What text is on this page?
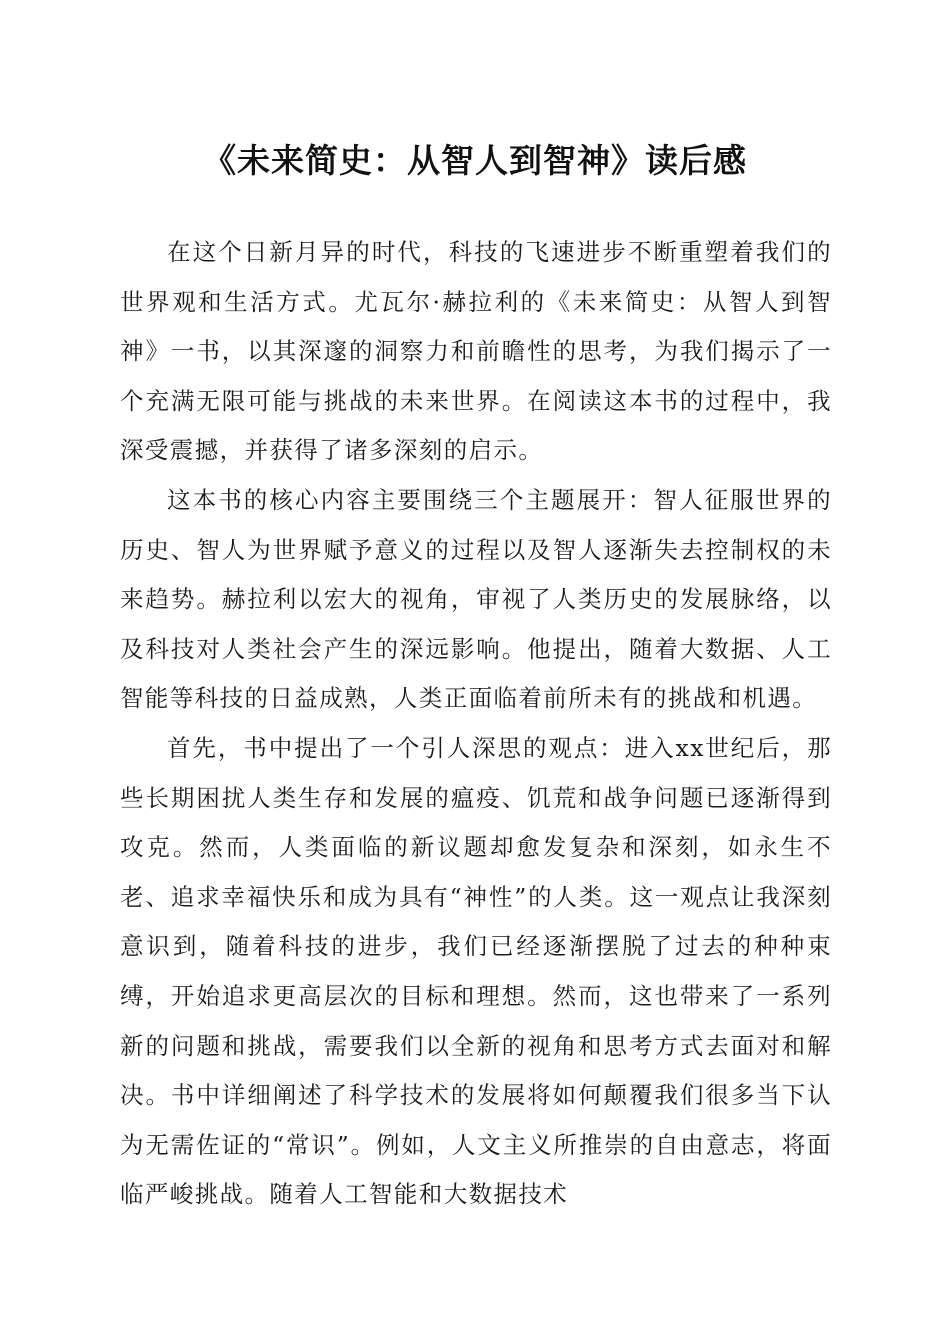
《未来简史：从智人到智神》读后感

在这个日新月异的时代，科技的飞速进步不断重塑着我们的世界观和生活方式。尤瓦尔·赫拉利的《未来简史：从智人到智神》一书，以其深邃的洞察力和前瞻性的思考，为我们揭示了一个充满无限可能与挑战的未来世界。在阅读这本书的过程中，我深受震撼，并获得了诸多深刻的启示。

这本书的核心内容主要围绕三个主题展开：智人征服世界的历史、智人为世界赋予意义的过程以及智人逐渐失去控制权的未来趋势。赫拉利以宏大的视角，审视了人类历史的发展脉络，以及科技对人类社会产生的深远影响。他提出，随着大数据、人工智能等科技的日益成熟，人类正面临着前所未有的挑战和机遇。

首先，书中提出了一个引人深思的观点：进入xx世纪后，那些长期困扰人类生存和发展的瘟疫、饥荒和战争问题已逐渐得到攻克。然而，人类面临的新议题却愈发复杂和深刻，如永生不老、追求幸福快乐和成为具有“神性”的人类。这一观点让我深刻意识到，随着科技的进步，我们已经逐渐摆脱了过去的种种束缚，开始追求更高层次的目标和理想。然而，这也带来了一系列新的问题和挑战，需要我们以全新的视角和思考方式去面对和解决。书中详细阐述了科学技术的发展将如何颠覆我们很多当下认为无需佐证的“常识”。例如，人文主义所推崇的自由意志，将面临严峻挑战。随着人工智能和大数据技术
